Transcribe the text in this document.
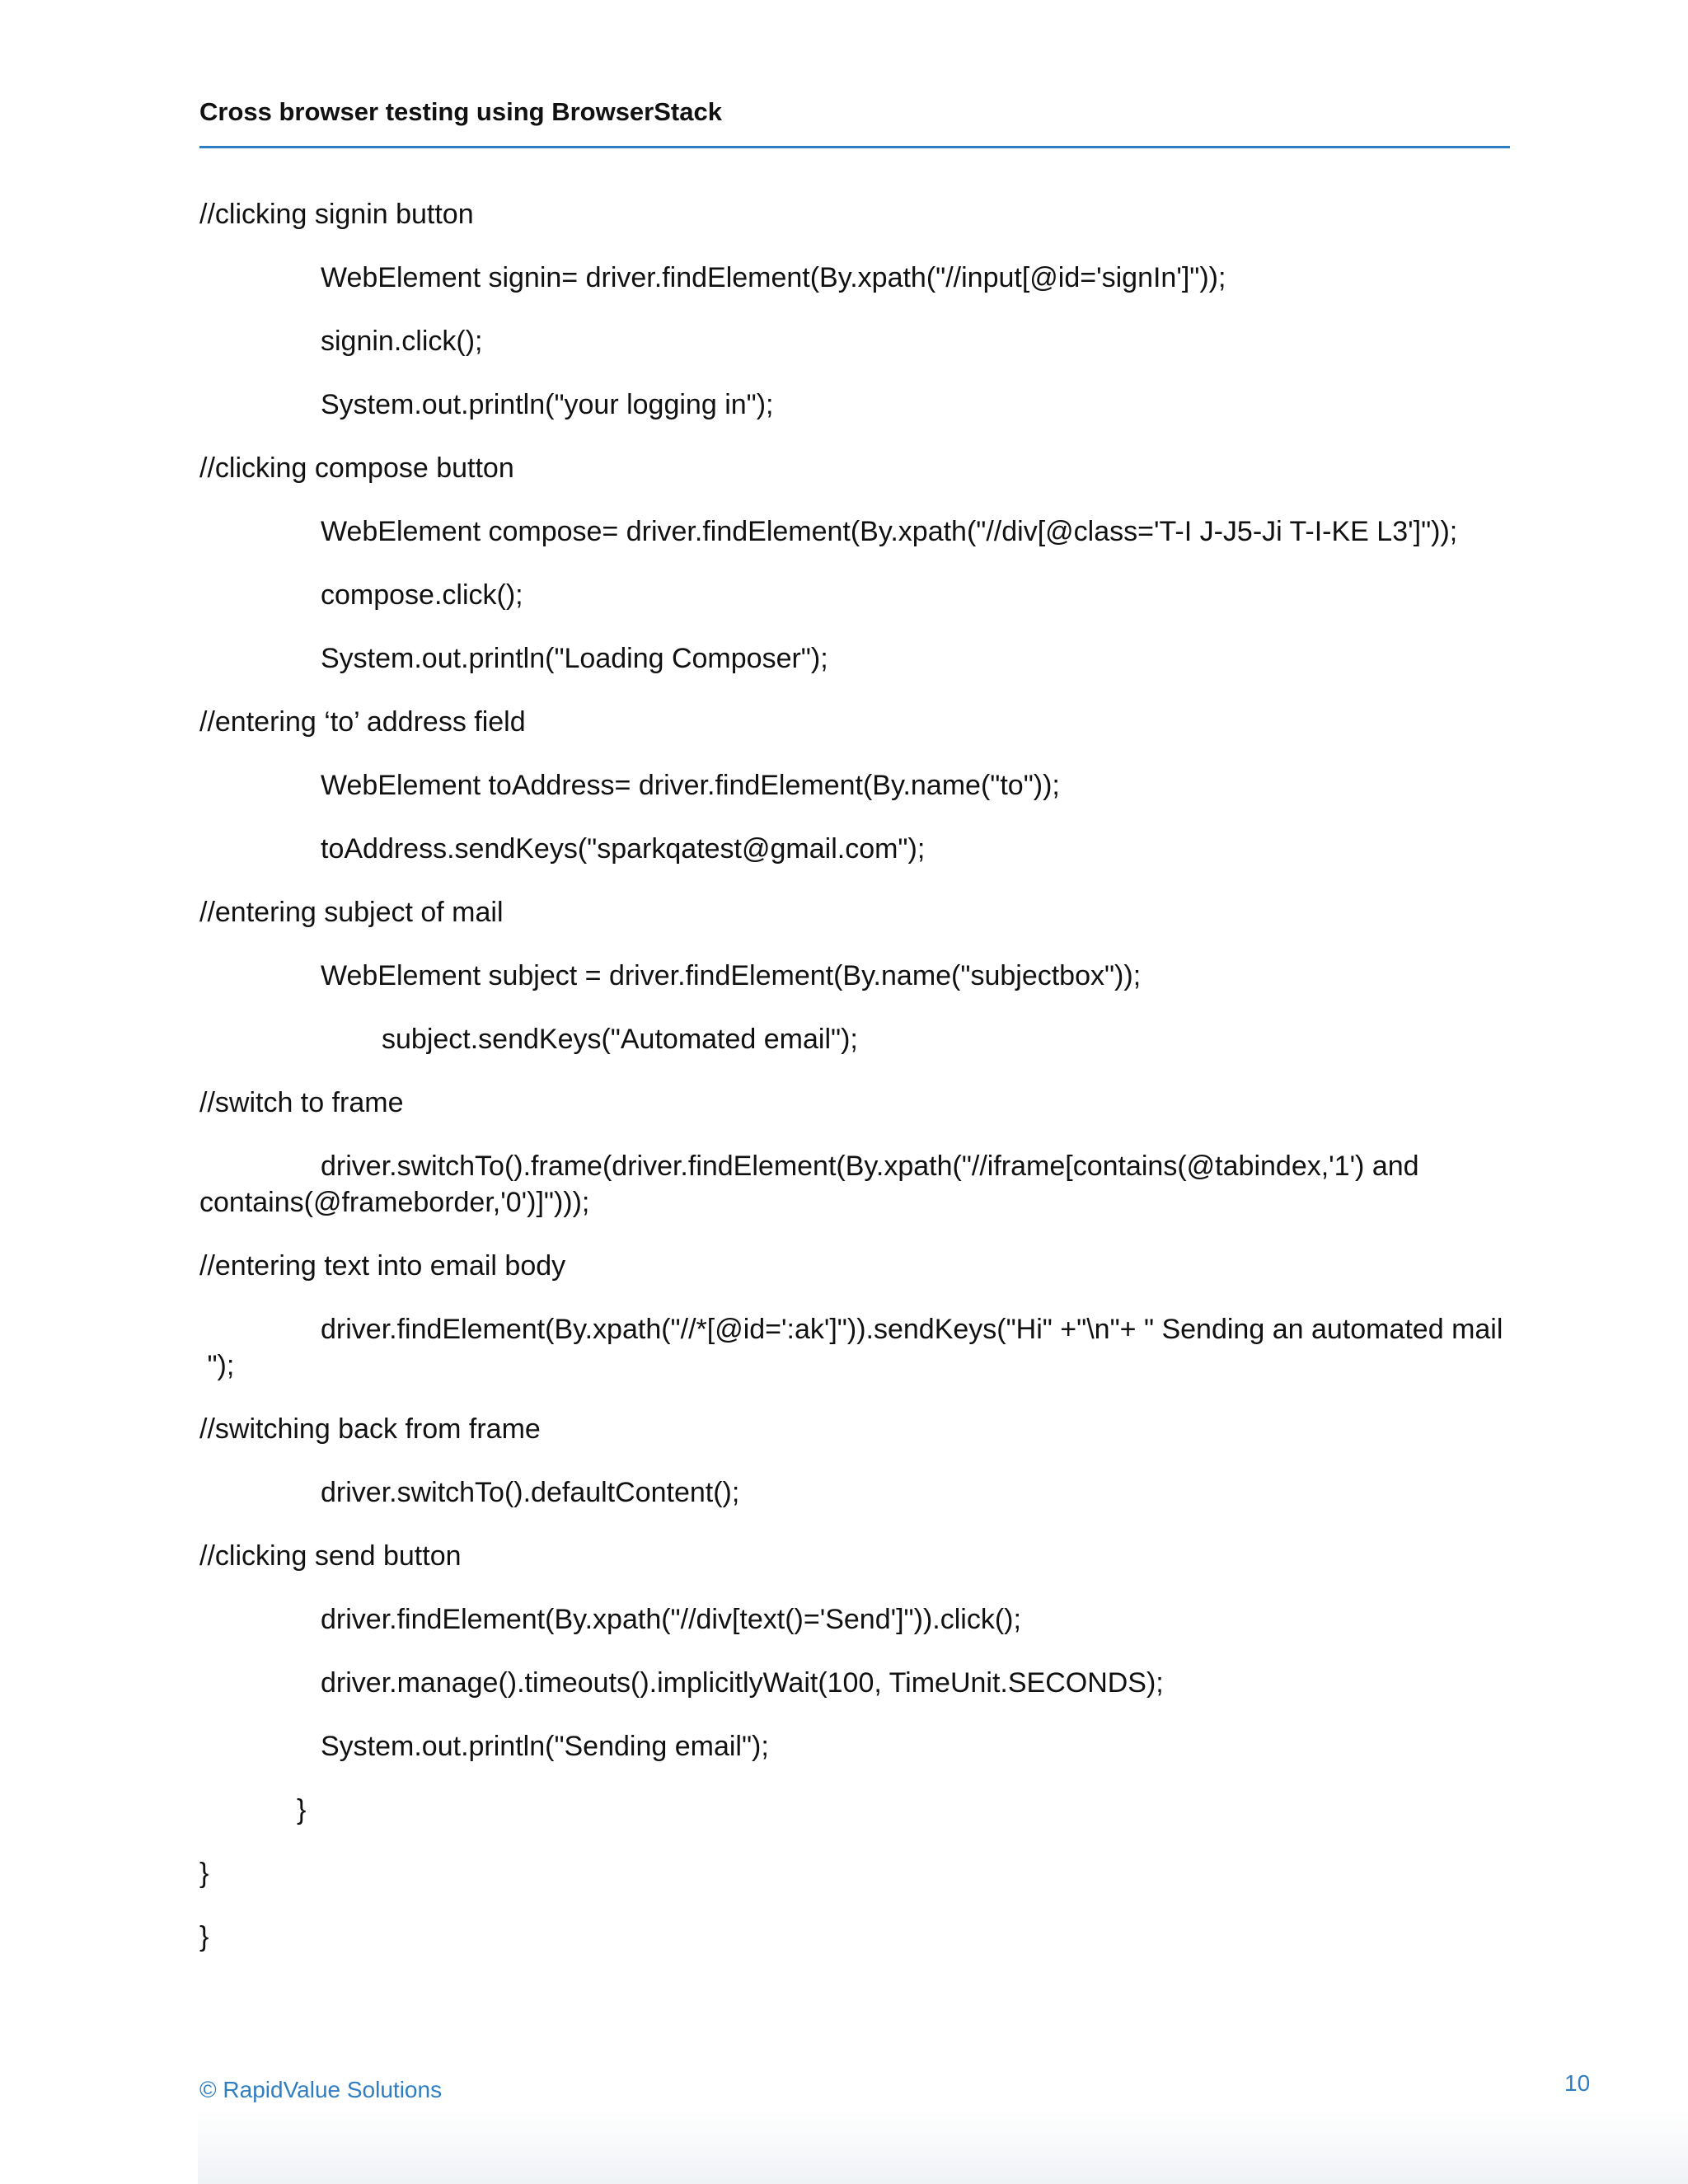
Cross browser testing using BrowserStack
//clicking signin button
WebElement signin= driver.findElement(By.xpath("//input[@id='signIn']"));
signin.click();
System.out.println("your logging in");
//clicking compose button
WebElement compose= driver.findElement(By.xpath("//div[@class='T-I J-J5-Ji T-I-KE L3']"));
compose.click();
System.out.println("Loading Composer");
//entering ‘to’ address field
WebElement toAddress= driver.findElement(By.name("to"));
toAddress.sendKeys("sparkqatest@gmail.com");
//entering subject of mail
WebElement subject = driver.findElement(By.name("subjectbox"));
subject.sendKeys("Automated email");
//switch to frame
driver.switchTo().frame(driver.findElement(By.xpath("//iframe[contains(@tabindex,'1') and
contains(@frameborder,'0')]")));
//entering text into email body
driver.findElement(By.xpath("//*[@id=':ak']")).sendKeys("Hi" +"\n"+ " Sending an automated mail
");
//switching back from frame
driver.switchTo().defaultContent();
//clicking send button
driver.findElement(By.xpath("//div[text()='Send']")).click();
driver.manage().timeouts().implicitlyWait(100, TimeUnit.SECONDS);
System.out.println("Sending email");
}
}
}
© RapidValue Solutions	10
